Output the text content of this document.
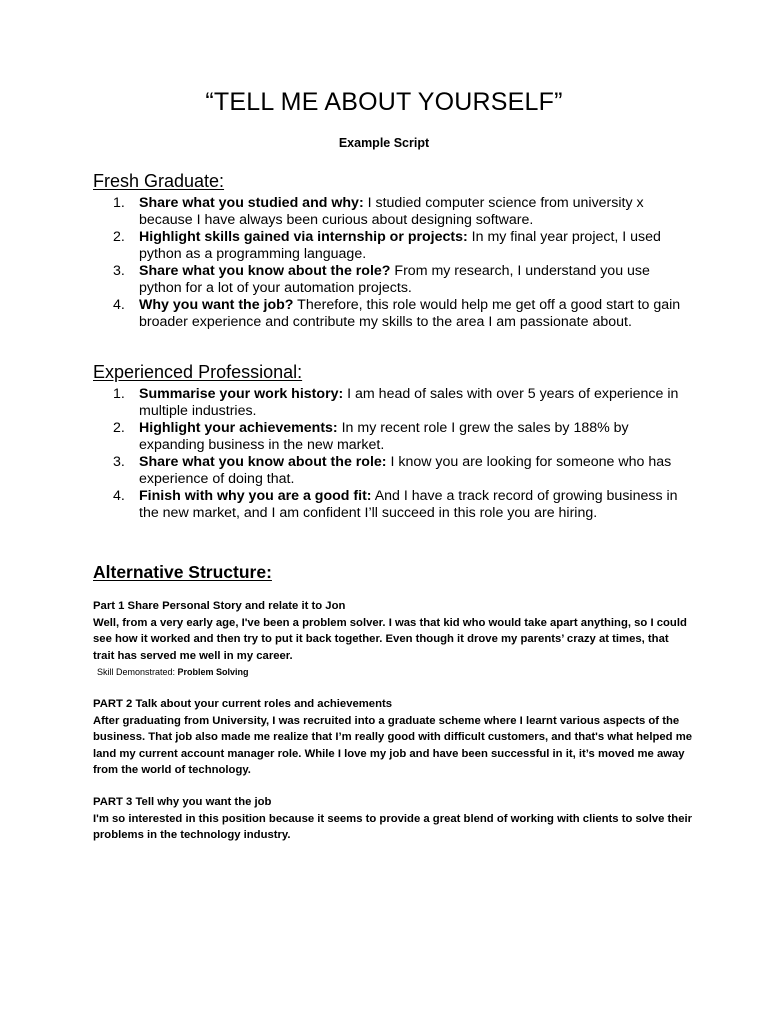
“TELL ME ABOUT YOURSELF”
Example Script
Fresh Graduate:
1. Share what you studied and why: I studied computer science from university x because I have always been curious about designing software.
2. Highlight skills gained via internship or projects: In my final year project, I used python as a programming language.
3. Share what you know about the role? From my research, I understand you use python for a lot of your automation projects.
4. Why you want the job? Therefore, this role would help me get off a good start to gain broader experience and contribute my skills to the area I am passionate about.
Experienced Professional:
1. Summarise your work history: I am head of sales with over 5 years of experience in multiple industries.
2. Highlight your achievements: In my recent role I grew the sales by 188% by expanding business in the new market.
3. Share what you know about the role: I know you are looking for someone who has experience of doing that.
4. Finish with why you are a good fit: And I have a track record of growing business in the new market, and I am confident I’ll succeed in this role you are hiring.
Alternative Structure:
Part 1 Share Personal Story and relate it to Jon
Well, from a very early age, I've been a problem solver. I was that kid who would take apart anything, so I could see how it worked and then try to put it back together. Even though it drove my parents’ crazy at times, that trait has served me well in my career.
Skill Demonstrated: Problem Solving
PART 2 Talk about your current roles and achievements
After graduating from University, I was recruited into a graduate scheme where I learnt various aspects of the business. That job also made me realize that I’m really good with difficult customers, and that's what helped me land my current account manager role. While I love my job and have been successful in it, it’s moved me away from the world of technology.
PART 3 Tell why you want the job
I'm so interested in this position because it seems to provide a great blend of working with clients to solve their problems in the technology industry.
